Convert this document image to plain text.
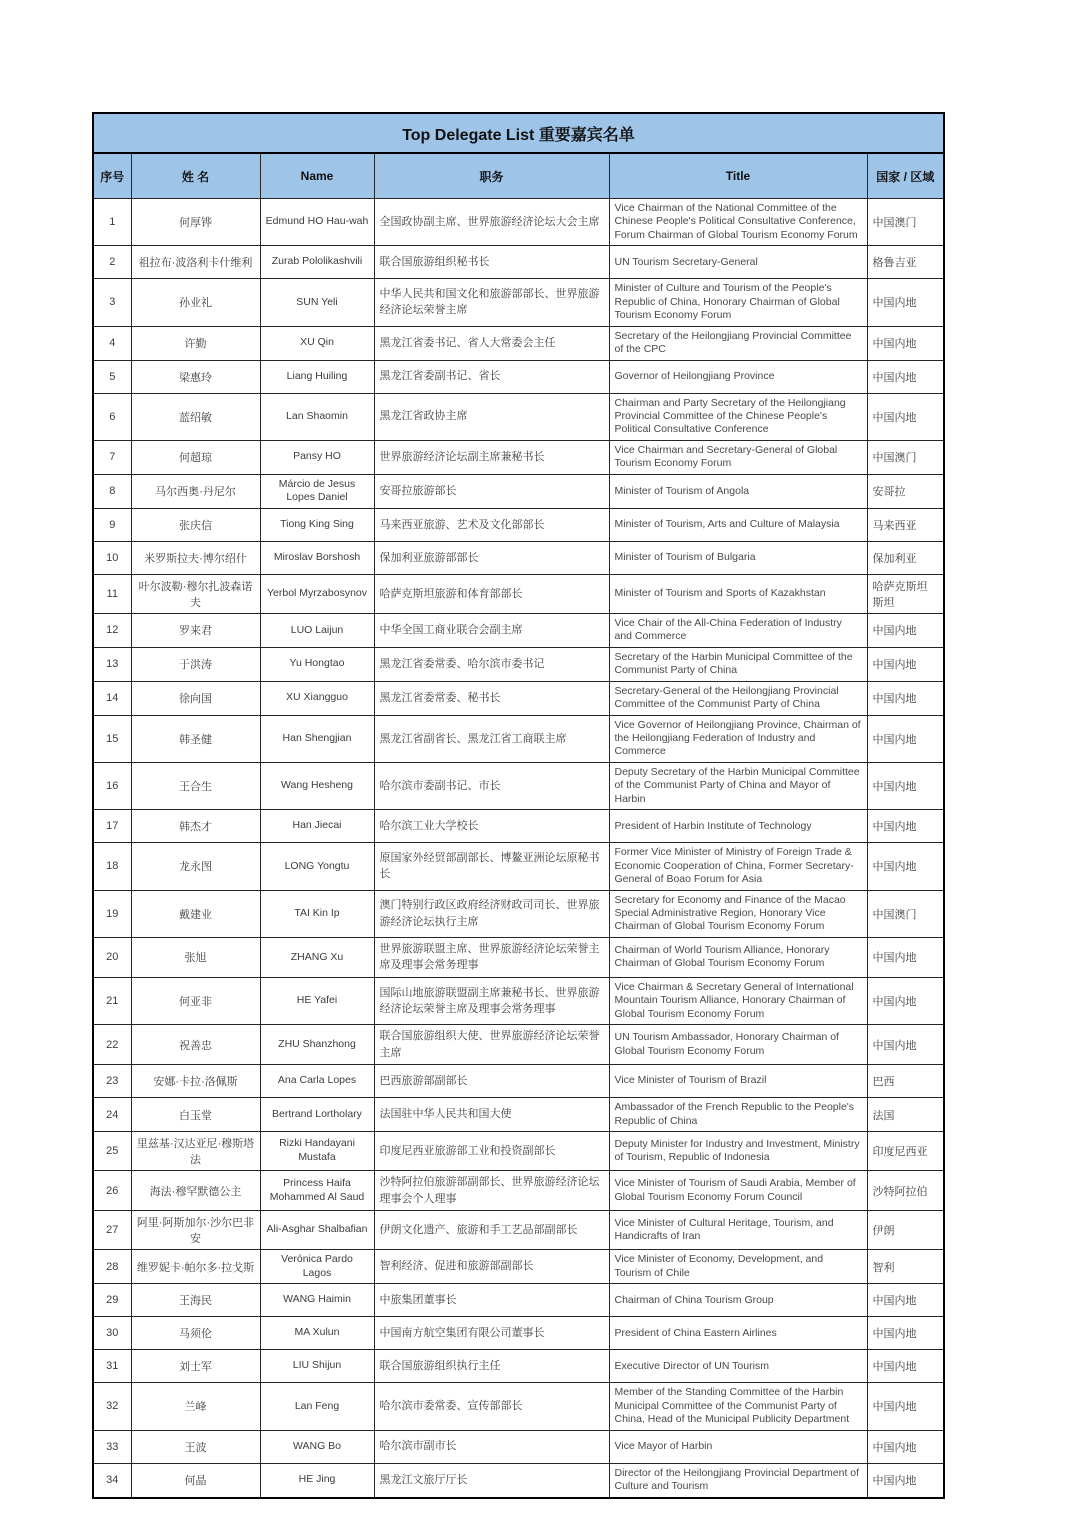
Top Delegate List 重要嘉宾名单					
序号	姓 名	Name	职务	Title	国家 / 区域
1	何厚铧	Edmund HO Hau-wah	全国政协副主席、世界旅游经济论坛大会主席	Vice Chairman of the National Committee of the Chinese People's Political Consultative Conference, Forum Chairman of Global Tourism Economy Forum	中国澳门
2	祖拉布·波洛利卡什维利	Zurab Pololikashvili	联合国旅游组织秘书长	UN Tourism Secretary-General	格鲁吉亚
3	孙业礼	SUN Yeli	中华人民共和国文化和旅游部部长、世界旅游经济论坛荣誉主席	Minister of Culture and Tourism of the People's Republic of China, Honorary Chairman of Global Tourism Economy Forum	中国内地
4	许勤	XU Qin	黑龙江省委书记、省人大常委会主任	Secretary of the Heilongjiang Provincial Committee of the CPC	中国内地
5	梁惠玲	Liang Huiling	黑龙江省委副书记、省长	Governor of Heilongjiang Province	中国内地
6	蓝绍敏	Lan Shaomin	黑龙江省政协主席	Chairman and Party Secretary of the Heilongjiang Provincial Committee of the Chinese People's Political Consultative Conference	中国内地
7	何超琼	Pansy HO	世界旅游经济论坛副主席兼秘书长	Vice Chairman and Secretary-General of Global Tourism Economy Forum	中国澳门
8	马尔西奥·丹尼尔	Márcio de Jesus Lopes Daniel	安哥拉旅游部长	Minister of Tourism of Angola	安哥拉
9	张庆信	Tiong King Sing	马来西亚旅游、艺术及文化部部长	Minister of Tourism, Arts and Culture of Malaysia	马来西亚
10	米罗斯拉夫·博尔绍什	Miroslav Borshosh	保加利亚旅游部部长	Minister of Tourism of Bulgaria	保加利亚
11	叶尔波勒·穆尔扎波森诺夫	Yerbol Myrzabosynov	哈萨克斯坦旅游和体育部部长	Minister of Tourism and Sports of Kazakhstan	哈萨克斯坦斯坦
12	罗来君	LUO Laijun	中华全国工商业联合会副主席	Vice Chair of the All-China Federation of Industry and Commerce	中国内地
13	于洪涛	Yu Hongtao	黑龙江省委常委、哈尔滨市委书记	Secretary of the Harbin Municipal Committee of the Communist Party of China	中国内地
14	徐向国	XU Xiangguo	黑龙江省委常委、秘书长	Secretary-General of the Heilongjiang Provincial Committee of the Communist Party of China	中国内地
15	韩圣健	Han Shengjian	黑龙江省副省长、黑龙江省工商联主席	Vice Governor of Heilongjiang Province, Chairman of the Heilongjiang Federation of Industry and Commerce	中国内地
16	王合生	Wang Hesheng	哈尔滨市委副书记、市长	Deputy Secretary of the Harbin Municipal Committee of the Communist Party of China and Mayor of Harbin	中国内地
17	韩杰才	Han Jiecai	哈尔滨工业大学校长	President of Harbin Institute of Technology	中国内地
18	龙永图	LONG Yongtu	原国家外经贸部副部长、博鳌亚洲论坛原秘书长	Former Vice Minister of Ministry of Foreign Trade & Economic Cooperation of China, Former Secretary-General of Boao Forum for Asia	中国内地
19	戴建业	TAI Kin Ip	澳门特别行政区政府经济财政司司长、世界旅游经济论坛执行主席	Secretary for Economy and Finance of the Macao Special Administrative Region, Honorary Vice Chairman of Global Tourism Economy Forum	中国澳门
20	张旭	ZHANG Xu	世界旅游联盟主席、世界旅游经济论坛荣誉主席及理事会常务理事	Chairman of World Tourism Alliance, Honorary Chairman of Global Tourism Economy Forum	中国内地
21	何亚非	HE Yafei	国际山地旅游联盟副主席兼秘书长、世界旅游经济论坛荣誉主席及理事会常务理事	Vice Chairman & Secretary General of International Mountain Tourism Alliance, Honorary Chairman of Global Tourism Economy Forum	中国内地
22	祝善忠	ZHU Shanzhong	联合国旅游组织大使、世界旅游经济论坛荣誉主席	UN Tourism Ambassador, Honorary Chairman of Global Tourism Economy Forum	中国内地
23	安娜·卡拉·洛佩斯	Ana Carla Lopes	巴西旅游部副部长	Vice Minister of Tourism of Brazil	巴西
24	白玉堂	Bertrand Lortholary	法国驻中华人民共和国大使	Ambassador of the French Republic to the People's Republic of China	法国
25	里兹基·汉达亚尼·穆斯塔法	Rizki Handayani Mustafa	印度尼西亚旅游部工业和投资副部长	Deputy Minister for Industry and Investment, Ministry of Tourism, Republic of Indonesia	印度尼西亚
26	海法·穆罕默德公主	Princess Haifa Mohammed Al Saud	沙特阿拉伯旅游部副部长、世界旅游经济论坛理事会个人理事	Vice Minister of Tourism of Saudi Arabia, Member of Global Tourism Economy Forum Council	沙特阿拉伯
27	阿里·阿斯加尔·沙尔巴非安	Ali-Asghar Shalbafian	伊朗文化遗产、旅游和手工艺品部副部长	Vice Minister of Cultural Heritage, Tourism, and Handicrafts of Iran	伊朗
28	维罗妮卡·帕尔多·拉戈斯	Verónica Pardo Lagos	智利经济、促进和旅游部副部长	Vice Minister of Economy, Development, and Tourism of Chile	智利
29	王海民	WANG Haimin	中旅集团董事长	Chairman of China Tourism Group	中国内地
30	马须伦	MA Xulun	中国南方航空集团有限公司董事长	President of China Eastern Airlines	中国内地
31	刘士军	LIU Shijun	联合国旅游组织执行主任	Executive Director of UN Tourism	中国内地
32	兰峰	Lan Feng	哈尔滨市委常委、宣传部部长	Member of the Standing Committee of the Harbin Municipal Committee of the Communist Party of China, Head of the Municipal Publicity Department	中国内地
33	王波	WANG Bo	哈尔滨市副市长	Vice Mayor of Harbin	中国内地
34	何晶	HE Jing	黑龙江文旅厅厅长	Director of the Heilongjiang Provincial Department of Culture and Tourism	中国内地
